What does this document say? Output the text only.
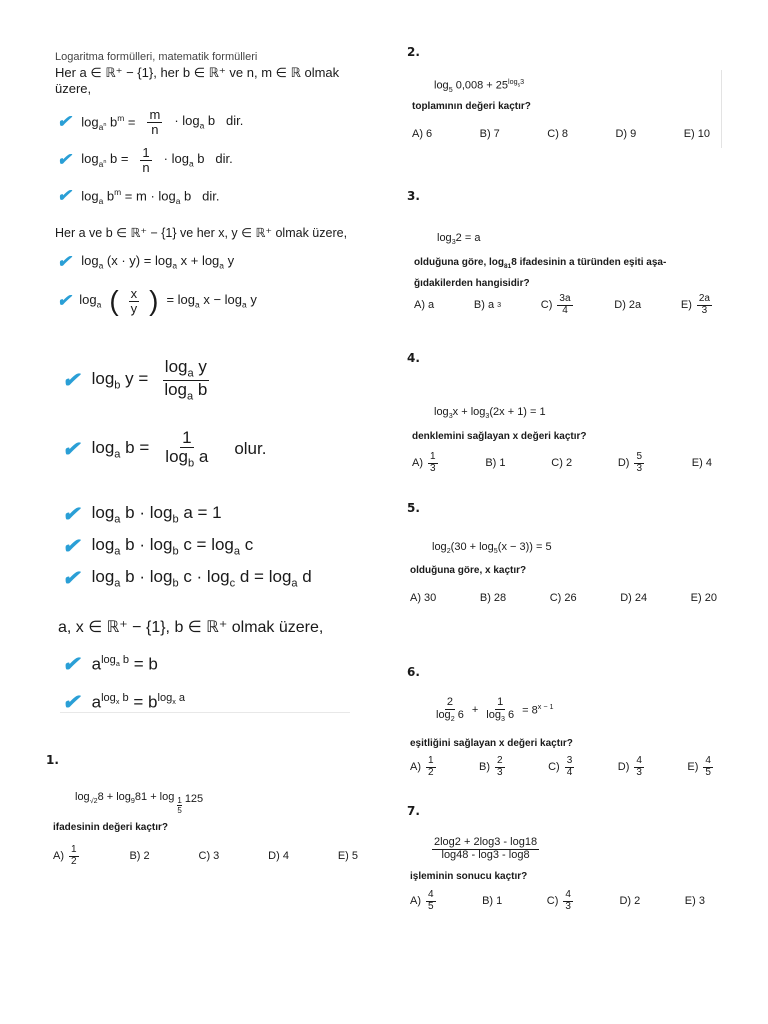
Logaritma formülleri, matematik formülleri
Her a ∈ ℝ⁺ − {1}, her b ∈ ℝ⁺ ve n, m ∈ ℝ olmak
üzere,
✔
$\log_{a^n} b^m = \frac{m}{n} \cdot \log_a b$   dir.
✔
$\log_{a^n} b = \frac{1}{n} \cdot \log_a b$   dir.
✔
$\log_a b^m = m \cdot \log_a b$   dir.
Her a ve b ∈ ℝ⁺ − {1} ve her x, y ∈ ℝ⁺ olmak üzere,
✔
$\log_a (x \cdot y) = \log_a x + \log_a y$
✔
$\log_a$ ( $\frac{x}{y}$ ) = $\log_a x - \log_a y$
✔
$\log_b y = \frac{\log_a y}{\log_a b}$
✔
$\log_a b = \frac{1}{\log_b a}$ olur.
✔
$\log_a b \cdot \log_b a = 1$
✔
$\log_a b \cdot \log_b c = \log_a c$
✔
$\log_a b \cdot \log_b c \cdot \log_c d = \log_a d$
a, x ∈ ℝ⁺ − {1}, b ∈ ℝ⁺ olmak üzere,
✔
$a^{log_a b} = b$
✔
$a^{log_x b} = b^{log_x a}$
1.
$\log_{√2}8 + \log_981 + \log 1$
5
125
ifadesinin değeri kaçtır?
$A) \frac{1}{2}$	B) 2	C) 3	D) 4	E) 5
2.
$\log_5 0,008 + 25^{log_53}$
toplamının değeri kaçtır?
A) 6	B) 7	C) 8	D) 9	E) 10
3.
$\log_32 = a$
olduğuna göre, $\log_{81}8$ ifadesinin a türünden eşiti aşa-
ğıdakilerden hangisidir?
A) a	B) a 3	$C) \frac{3a}{4}$	D) 2a	$E) \frac{2a}{3}$
4.
$\log_3x + \log_3(2x + 1) = 1$
denklemini sağlayan x değeri kaçtır?
$A) \frac{1}{3}$	B) 1	C) 2	$D) \frac{5}{3}$	E) 4
5.
$\log_2(30 + \log_5(x - 3)) = 5$
olduğuna göre, x kaçtır?
A) 30	B) 28	C) 26	D) 24	E) 20
6.
$\frac{2}{\log_2 6} + \frac{1}{\log_3 6} = 8^{x - 1}$
eşitliğini sağlayan x değeri kaçtır?
$A) \frac{1}{2}$	$B) \frac{2}{3}$	$C) \frac{3}{4}$	$D) \frac{4}{3}$	$E) \frac{4}{5}$
7.
$\frac{2\log 2 + 2\log 3 - \log 18}{\log 48 - \log 3 - \log 8}$
işleminin sonucu kaçtır?
$A) \frac{4}{5}$	B) 1	$C) \frac{4}{3}$	D) 2	E) 3
